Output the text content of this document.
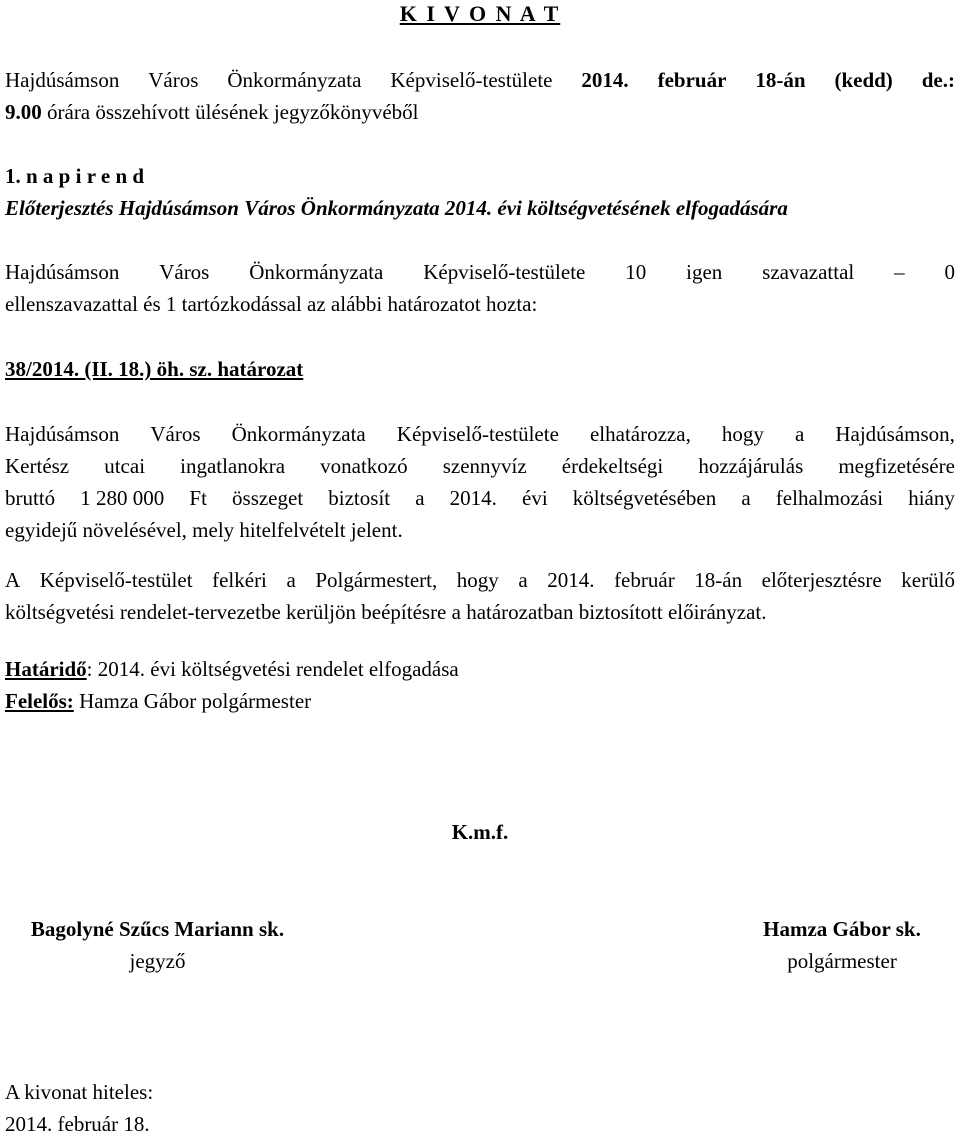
K I V O N A T
Hajdúsámson Város Önkormányzata Képviselő-testülete 2014. február 18-án (kedd) de.:
9.00 órára összehívott ülésének jegyzőkönyvéből
1. n a p i r e n d
Előterjesztés Hajdúsámson Város Önkormányzata 2014. évi költségvetésének elfogadására
Hajdúsámson Város Önkormányzata Képviselő-testülete 10 igen szavazattal – 0
ellenszavazattal és 1 tartózkodással az alábbi határozatot hozta:
38/2014. (II. 18.) öh. sz. határozat
Hajdúsámson Város Önkormányzata Képviselő-testülete elhatározza, hogy a Hajdúsámson,
Kertész utcai ingatlanokra vonatkozó szennyvíz érdekeltségi hozzájárulás megfizetésére
bruttó 1 280 000 Ft összeget biztosít a 2014. évi költségvetésében a felhalmozási hiány
egyidejű növelésével, mely hitelfelvételt jelent.
A Képviselő-testület felkéri a Polgármestert, hogy a 2014. február 18-án előterjesztésre kerülő
költségvetési rendelet-tervezetbe kerüljön beépítésre a határozatban biztosított előirányzat.
Határidő: 2014. évi költségvetési rendelet elfogadása
Felelős: Hamza Gábor polgármester
K.m.f.
Bagolyné Szűcs Mariann sk.
jegyző
Hamza Gábor sk.
polgármester
A kivonat hiteles:
2014. február 18.
